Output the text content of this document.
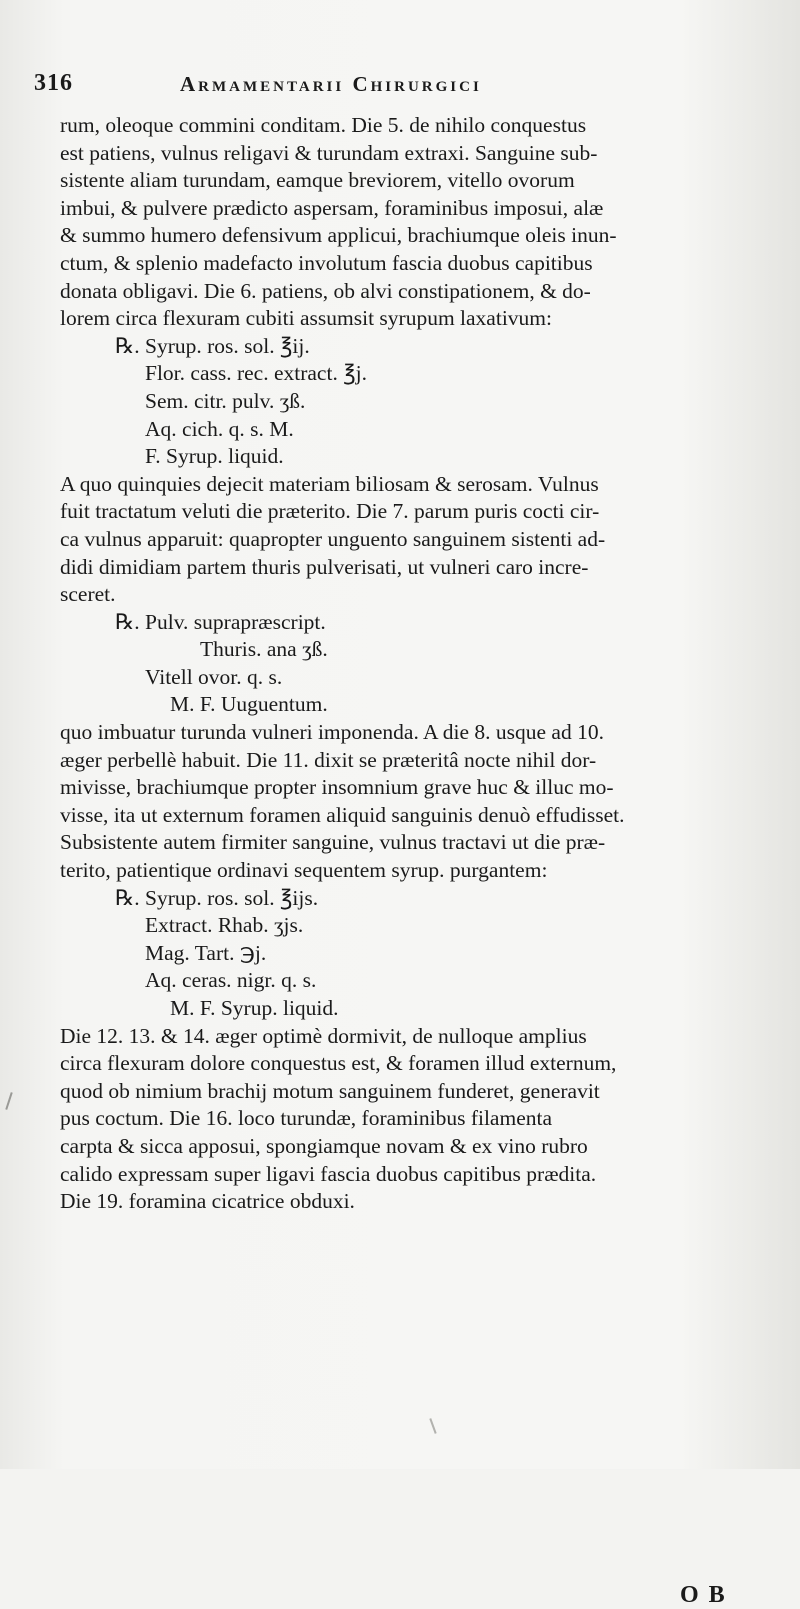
316	Armamentarii Chirurgici
rum, oleoque commini conditam. Die 5. de nihilo conquestus
est patiens, vulnus religavi & turundam extraxi. Sanguine sub-
sistente aliam turundam, eamque breviorem, vitello ovorum
imbui, & pulvere prædicto aspersam, foraminibus imposui, alæ
& summo humero defensivum applicui, brachiumque oleis inun-
ctum, & splenio madefacto involutum fascia duobus capitibus
donata obligavi. Die 6. patiens, ob alvi constipationem, & do-
lorem circa flexuram cubiti assumsit syrupum laxativum:
℞. Syrup. ros. sol. ℥ij.
Flor. cass. rec. extract. ℥j.
Sem. citr. pulv. ʒß.
Aq. cich. q. s. M.
F. Syrup. liquid.
A quo quinquies dejecit materiam biliosam & serosam. Vulnus
fuit tractatum veluti die præterito. Die 7. parum puris cocti cir-
ca vulnus apparuit: quapropter unguento sanguinem sistenti ad-
didi dimidiam partem thuris pulverisati, ut vulneri caro incre-
sceret.
℞. Pulv. suprapræscript.
Thuris. ana ʒß.
Vitell ovor. q. s.
M. F. Uuguentum.
quo imbuatur turunda vulneri imponenda. A die 8. usque ad 10.
æger perbellè habuit. Die 11. dixit se præteritâ nocte nihil dor-
mivisse, brachiumque propter insomnium grave huc & illuc mo-
visse, ita ut externum foramen aliquid sanguinis denuò effudisset.
Subsistente autem firmiter sanguine, vulnus tractavi ut die præ-
terito, patientique ordinavi sequentem syrup. purgantem:
℞. Syrup. ros. sol. ℥ijs.
Extract. Rhab. ʒjs.
Mag. Tart. ℈j.
Aq. ceras. nigr. q. s.
M. F. Syrup. liquid.
Die 12. 13. & 14. æger optimè dormivit, de nulloque amplius
circa flexuram dolore conquestus est, & foramen illud externum,
quod ob nimium brachij motum sanguinem funderet, generavit
pus coctum. Die 16. loco turundæ, foraminibus filamenta
carpta & sicca apposui, spongiamque novam & ex vino rubro
calido expressam super ligavi fascia duobus capitibus prædita.
Die 19. foramina cicatrice obduxi.
O B
